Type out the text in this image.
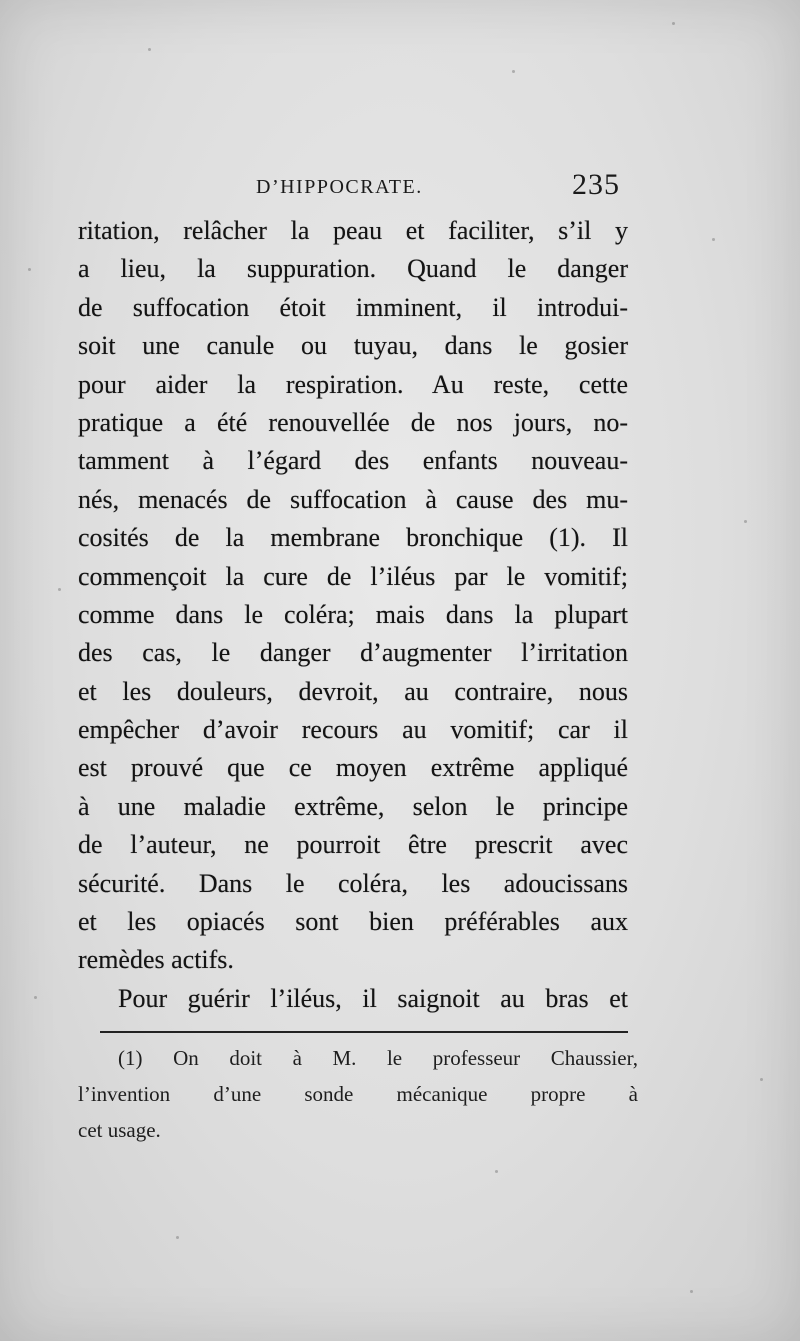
D’HIPPOCRATE.	235
ritation, relâcher la peau et faciliter, s’il y
a lieu, la suppuration. Quand le danger
de suffocation étoit imminent, il introdui-
soit une canule ou tuyau, dans le gosier
pour aider la respiration. Au reste, cette
pratique a été renouvellée de nos jours, no-
tamment à l’égard des enfants nouveau-
nés, menacés de suffocation à cause des mu-
cosités de la membrane bronchique (1). Il
commençoit la cure de l’iléus par le vomitif;
comme dans le coléra; mais dans la plupart
des cas, le danger d’augmenter l’irritation
et les douleurs, devroit, au contraire, nous
empêcher d’avoir recours au vomitif; car il
est prouvé que ce moyen extrême appliqué
à une maladie extrême, selon le principe
de l’auteur, ne pourroit être prescrit avec
sécurité. Dans le coléra, les adoucissans
et les opiacés sont bien préférables aux
remèdes actifs.
Pour guérir l’iléus, il saignoit au bras et
(1) On doit à M. le professeur Chaussier,
l’invention d’une sonde mécanique propre à
cet usage.
